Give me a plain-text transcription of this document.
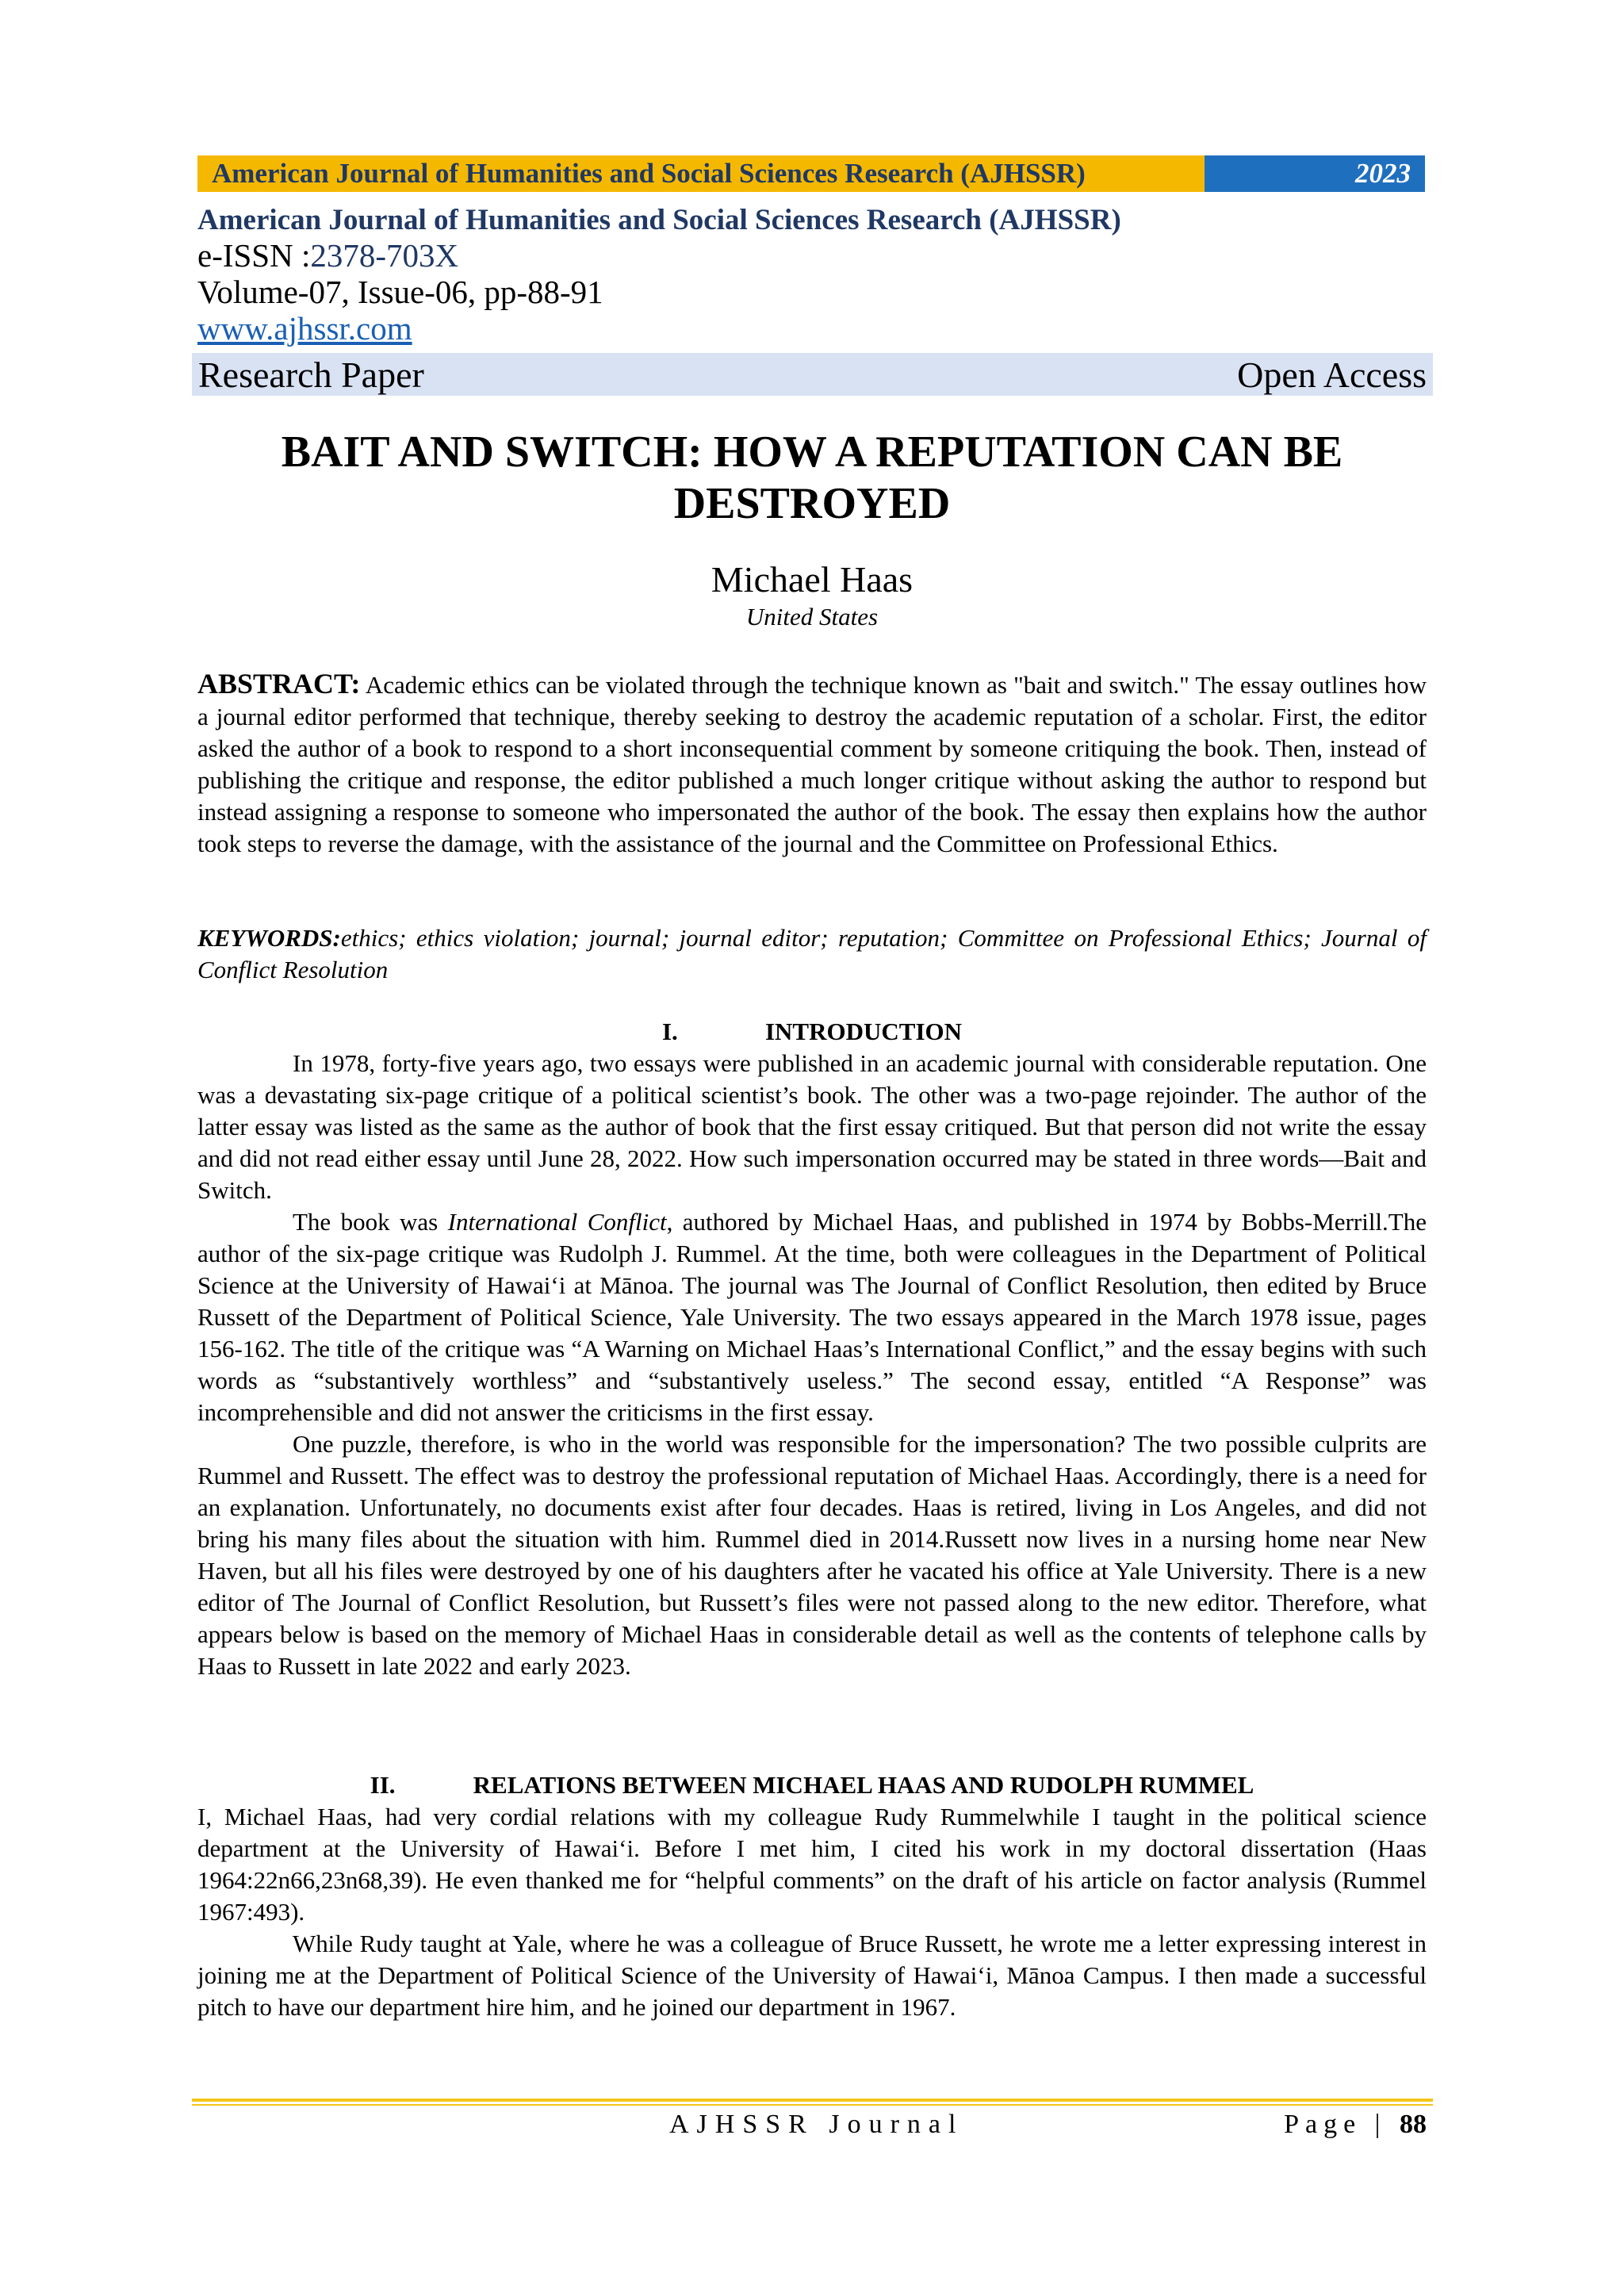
American Journal of Humanities and Social Sciences Research (AJHSSR)	2023
American Journal of Humanities and Social Sciences Research (AJHSSR)
e-ISSN :2378-703X
Volume-07, Issue-06, pp-88-91
www.ajhssr.com
Research Paper	Open Access
BAIT AND SWITCH: HOW A REPUTATION CAN BE
DESTROYED
Michael Haas
United States

ABSTRACT: Academic ethics can be violated through the technique known as "bait and switch." The essay outlines how a journal editor performed that technique, thereby seeking to destroy the academic reputation of a scholar. First, the editor asked the author of a book to respond to a short inconsequential comment by someone critiquing the book. Then, instead of publishing the critique and response, the editor published a much longer critique without asking the author to respond but instead assigning a response to someone who impersonated the author of the book. The essay then explains how the author took steps to reverse the damage, with the assistance of the journal and the Committee on Professional Ethics.

KEYWORDS:ethics; ethics violation; journal; journal editor; reputation; Committee on Professional Ethics; Journal of Conflict Resolution

I.	INTRODUCTION

In 1978, forty-five years ago, two essays were published in an academic journal with considerable reputation. One was a devastating six-page critique of a political scientist’s book. The other was a two-page rejoinder. The author of the latter essay was listed as the same as the author of book that the first essay critiqued. But that person did not write the essay and did not read either essay until June 28, 2022. How such impersonation occurred may be stated in three words—Bait and Switch.

The book was International Conflict, authored by Michael Haas, and published in 1974 by Bobbs-Merrill.The author of the six-page critique was Rudolph J. Rummel. At the time, both were colleagues in the Department of Political Science at the University of Hawaiʻi at Mānoa. The journal was The Journal of Conflict Resolution, then edited by Bruce Russett of the Department of Political Science, Yale University. The two essays appeared in the March 1978 issue, pages 156-162. The title of the critique was “A Warning on Michael Haas’s International Conflict,” and the essay begins with such words as “substantively worthless” and “substantively useless.” The second essay, entitled “A Response” was incomprehensible and did not answer the criticisms in the first essay.

One puzzle, therefore, is who in the world was responsible for the impersonation? The two possible culprits are Rummel and Russett. The effect was to destroy the professional reputation of Michael Haas. Accordingly, there is a need for an explanation. Unfortunately, no documents exist after four decades. Haas is retired, living in Los Angeles, and did not bring his many files about the situation with him. Rummel died in 2014.Russett now lives in a nursing home near New Haven, but all his files were destroyed by one of his daughters after he vacated his office at Yale University. There is a new editor of The Journal of Conflict Resolution, but Russett’s files were not passed along to the new editor. Therefore, what appears below is based on the memory of Michael Haas in considerable detail as well as the contents of telephone calls by Haas to Russett in late 2022 and early 2023.

II.	RELATIONS BETWEEN MICHAEL HAAS AND RUDOLPH RUMMEL

I, Michael Haas, had very cordial relations with my colleague Rudy Rummelwhile I taught in the political science department at the University of Hawaiʻi. Before I met him, I cited his work in my doctoral dissertation (Haas 1964:22n66,23n68,39). He even thanked me for “helpful comments” on the draft of his article on factor analysis (Rummel 1967:493).

While Rudy taught at Yale, where he was a colleague of Bruce Russett, he wrote me a letter expressing interest in joining me at the Department of Political Science of the University of Hawaiʻi, Mānoa Campus. I then made a successful pitch to have our department hire him, and he joined our department in 1967.

AJHSSR Journal	Page | 88
